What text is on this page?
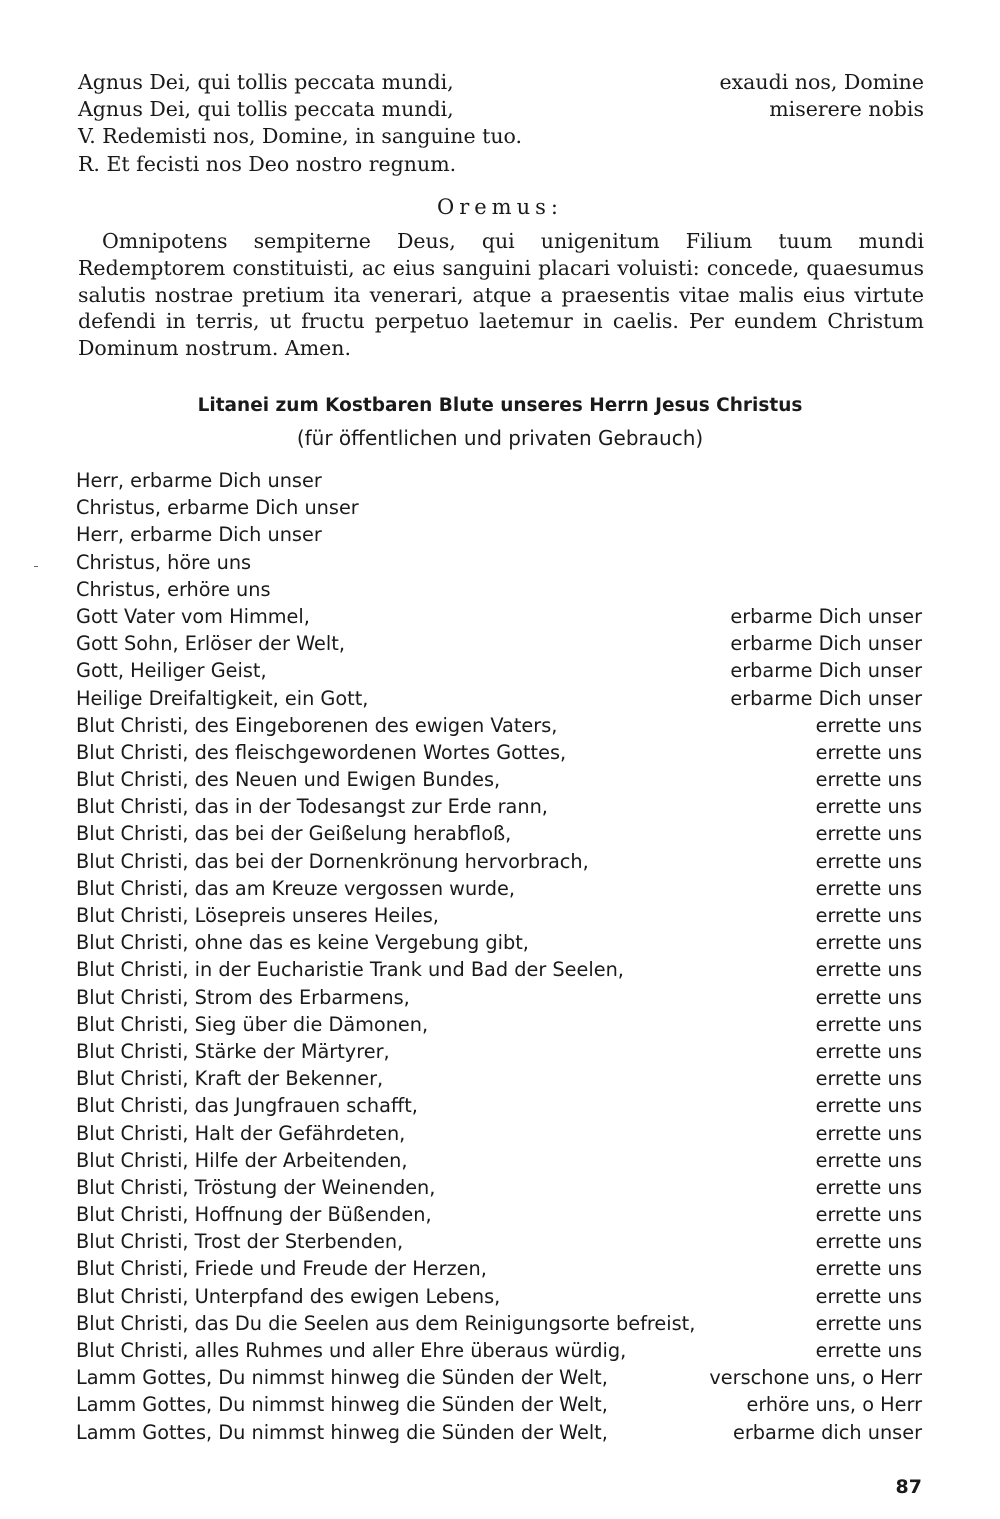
Agnus Dei, qui tollis peccata mundi,	exaudi nos, Domine
Agnus Dei, qui tollis peccata mundi,	miserere nobis
V. Redemisti nos, Domine, in sanguine tuo.
R. Et fecisti nos Deo nostro regnum.
Oremus:
Omnipotens sempiterne Deus, qui unigenitum Filium tuum mundi Redemptorem constituisti, ac eius sanguini placari voluisti: concede, quaesumus salutis nostrae pretium ita venerari, atque a praesentis vitae malis eius virtute defendi in terris, ut fructu perpetuo laetemur in caelis. Per eundem Christum Dominum nostrum. Amen.
Litanei zum Kostbaren Blute unseres Herrn Jesus Christus
(für öffentlichen und privaten Gebrauch)
Herr, erbarme Dich unser
Christus, erbarme Dich unser
Herr, erbarme Dich unser
Christus, höre uns
Christus, erhöre uns
Gott Vater vom Himmel,	erbarme Dich unser
Gott Sohn, Erlöser der Welt,	erbarme Dich unser
Gott, Heiliger Geist,	erbarme Dich unser
Heilige Dreifaltigkeit, ein Gott,	erbarme Dich unser
Blut Christi, des Eingeborenen des ewigen Vaters,	errette uns
Blut Christi, des fleischgewordenen Wortes Gottes,	errette uns
Blut Christi, des Neuen und Ewigen Bundes,	errette uns
Blut Christi, das in der Todesangst zur Erde rann,	errette uns
Blut Christi, das bei der Geißelung herabfloß,	errette uns
Blut Christi, das bei der Dornenkrönung hervorbrach,	errette uns
Blut Christi, das am Kreuze vergossen wurde,	errette uns
Blut Christi, Lösepreis unseres Heiles,	errette uns
Blut Christi, ohne das es keine Vergebung gibt,	errette uns
Blut Christi, in der Eucharistie Trank und Bad der Seelen,	errette uns
Blut Christi, Strom des Erbarmens,	errette uns
Blut Christi, Sieg über die Dämonen,	errette uns
Blut Christi, Stärke der Märtyrer,	errette uns
Blut Christi, Kraft der Bekenner,	errette uns
Blut Christi, das Jungfrauen schafft,	errette uns
Blut Christi, Halt der Gefährdeten,	errette uns
Blut Christi, Hilfe der Arbeitenden,	errette uns
Blut Christi, Tröstung der Weinenden,	errette uns
Blut Christi, Hoffnung der Büßenden,	errette uns
Blut Christi, Trost der Sterbenden,	errette uns
Blut Christi, Friede und Freude der Herzen,	errette uns
Blut Christi, Unterpfand des ewigen Lebens,	errette uns
Blut Christi, das Du die Seelen aus dem Reinigungsorte befreist,	errette uns
Blut Christi, alles Ruhmes und aller Ehre überaus würdig,	errette uns
Lamm Gottes, Du nimmst hinweg die Sünden der Welt,	verschone uns, o Herr
Lamm Gottes, Du nimmst hinweg die Sünden der Welt,	erhöre uns, o Herr
Lamm Gottes, Du nimmst hinweg die Sünden der Welt,	erbarme dich unser
87
